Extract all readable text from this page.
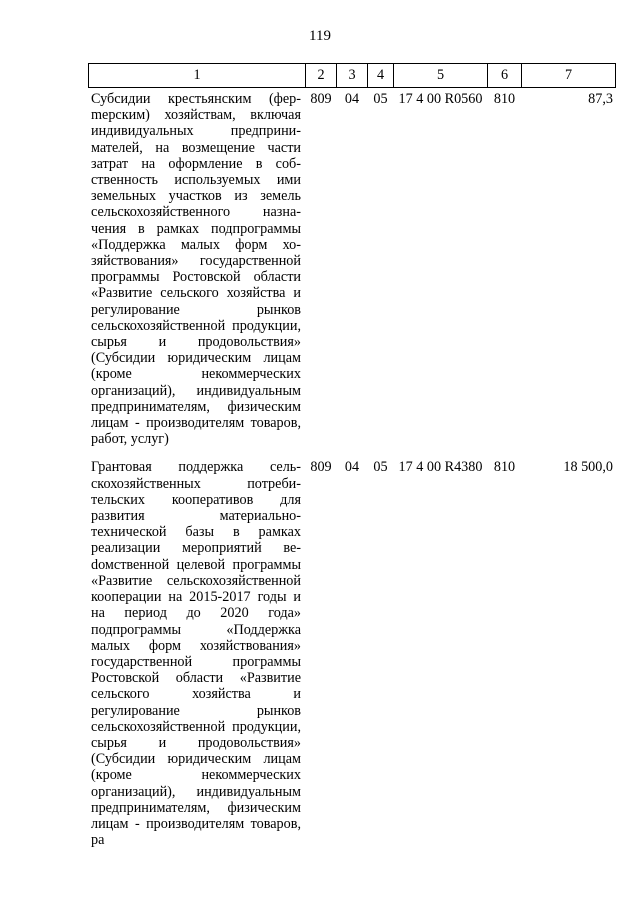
119
1	2	3	4	5	6	7
Субсидии крестьянским (ферmерским) хозяйствам, включая индивидуальных предпринимателей, на возмещение части затрат на оформление в собственность используемых ими земельных участков из земель сельскохозяйственного назначения в рамках подпрограммы «Поддержка малых форм хозяйствования» государственной программы Ростовской области «Развитие сельского хозяйства и регулирование рынков сельскохозяйственной продукции, сырья и продовольствия» (Субсидии юридическим лицам (кроме некоммерческих организаций), индивидуальным предпринимателям, физическим лицам - производителям товаров, работ, услуг)	809	04	05	17 4 00 R0560	810	87,3
Грантовая поддержка сельскохозяйственных потребительских кооперативов для развития материально-технической базы в рамках реализации мероприятий веdомственной целевой программы «Развитие сельскохозяйственной кооперации на 2015-2017 годы и на период до 2020 года» подпрограммы «Поддержка малых форм хозяйствования» государственной программы Ростовской области «Развитие сельского хозяйства и регулирование рынков сельскохозяйственной продукции, сырья и продовольствия» (Субсидии юридическим лицам (кроме некоммерческих организаций), индивидуальным предпринимателям, физическим лицам - производителям товаров, ра	809	04	05	17 4 00 R4380	810	18 500,0
